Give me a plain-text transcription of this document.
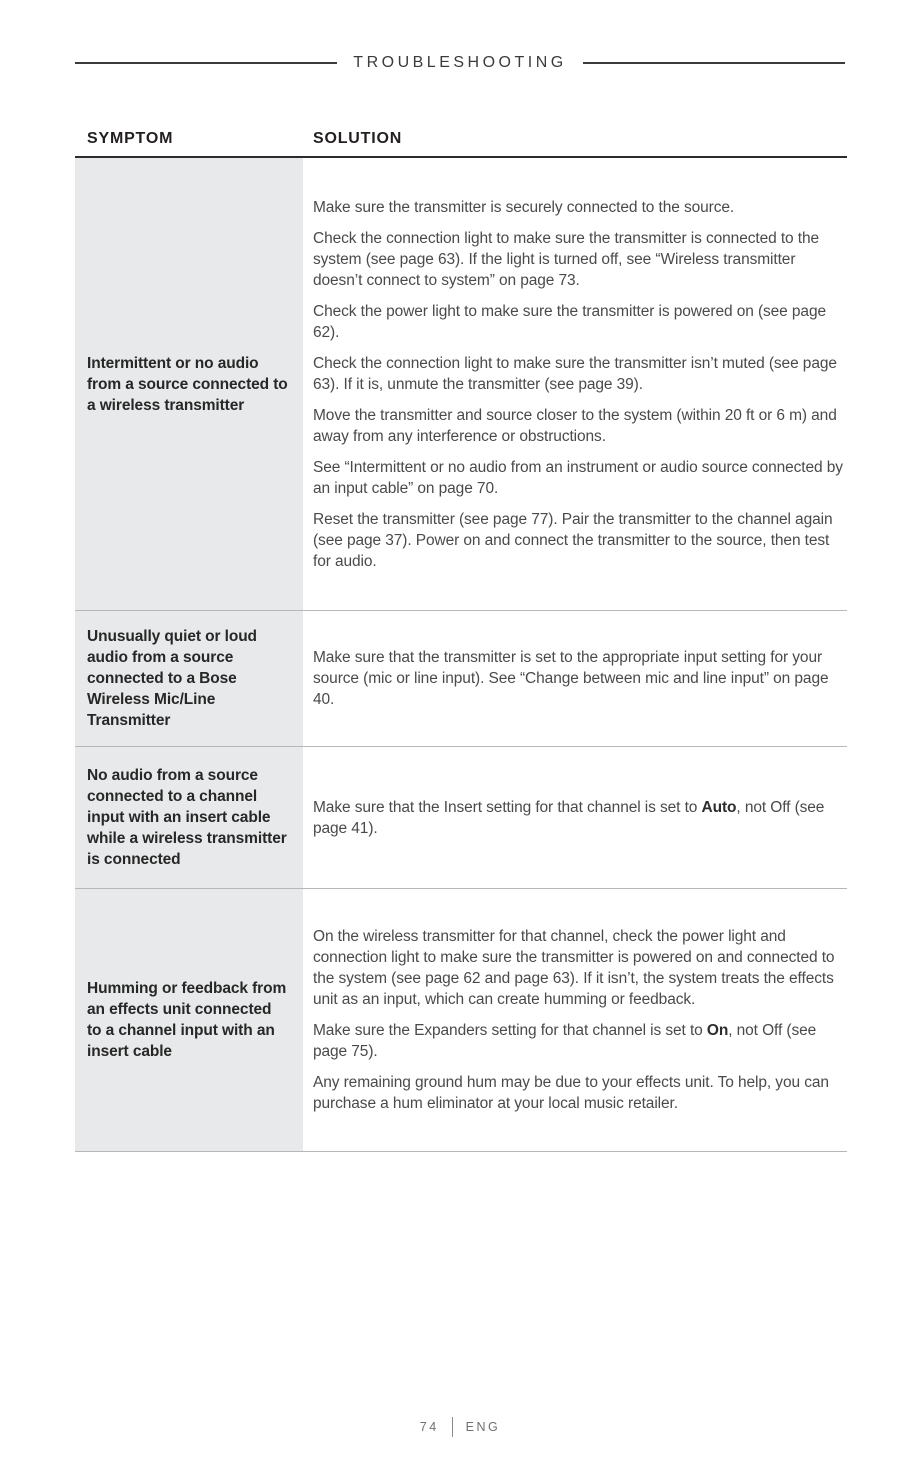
TROUBLESHOOTING
SYMPTOM	SOLUTION
Intermittent or no audio from a source connected to a wireless transmitter

Make sure the transmitter is securely connected to the source.

Check the connection light to make sure the transmitter is connected to the system (see page 63). If the light is turned off, see “Wireless transmitter doesn’t connect to system” on page 73.

Check the power light to make sure the transmitter is powered on (see page 62).

Check the connection light to make sure the transmitter isn’t muted (see page 63). If it is, unmute the transmitter (see page 39).

Move the transmitter and source closer to the system (within 20 ft or 6 m) and away from any interference or obstructions.

See “Intermittent or no audio from an instrument or audio source connected by an input cable” on page 70.

Reset the transmitter (see page 77). Pair the transmitter to the channel again (see page 37). Power on and connect the transmitter to the source, then test for audio.

Unusually quiet or loud audio from a source connected to a Bose Wireless Mic/Line Transmitter

Make sure that the transmitter is set to the appropriate input setting for your source (mic or line input). See “Change between mic and line input” on page 40.

No audio from a source connected to a channel input with an insert cable while a wireless transmitter is connected

Make sure that the Insert setting for that channel is set to Auto, not Off (see page 41).

Humming or feedback from an effects unit connected to a channel input with an insert cable

On the wireless transmitter for that channel, check the power light and connection light to make sure the transmitter is powered on and connected to the system (see page 62 and page 63). If it isn’t, the system treats the effects unit as an input, which can create humming or feedback.

Make sure the Expanders setting for that channel is set to On, not Off (see page 75).

Any remaining ground hum may be due to your effects unit. To help, you can purchase a hum eliminator at your local music retailer.

74 ENG
